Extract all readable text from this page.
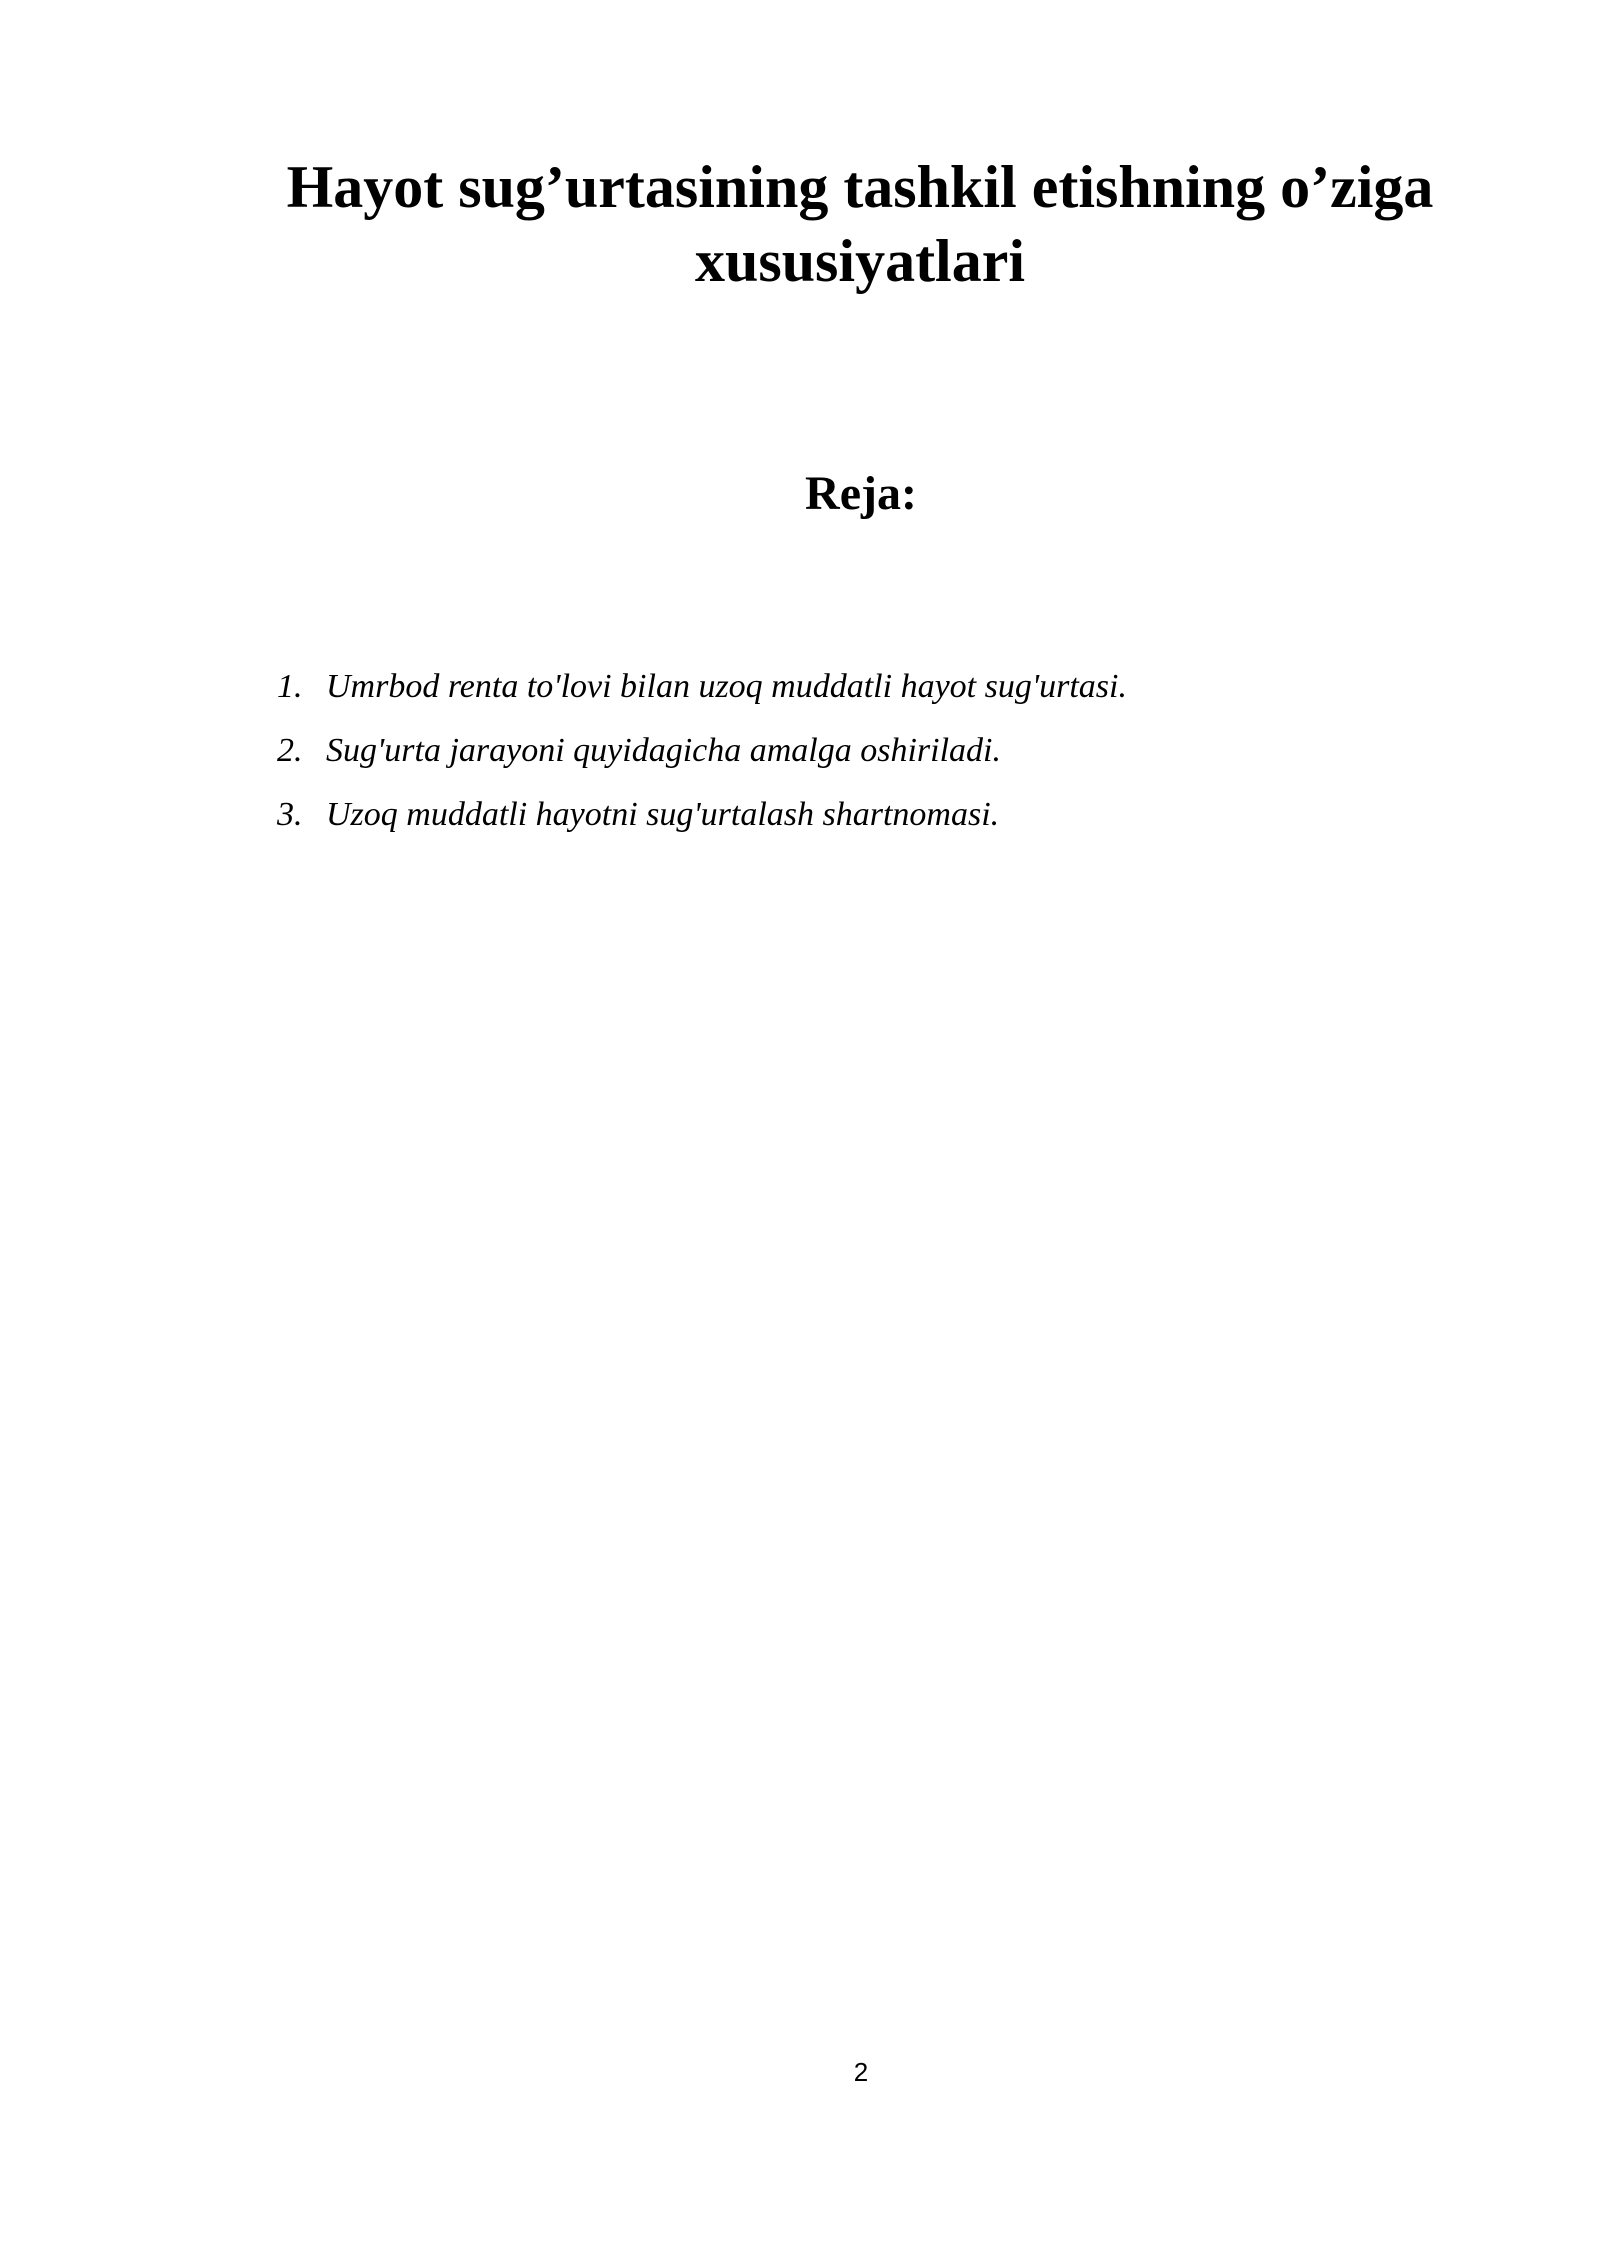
Hayot sug’urtasining tashkil etishning o’ziga xususiyatlari
Reja:
1. Umrbod renta to'lovi bilan uzoq muddatli hayot sug'urtasi.
2. Sug'urta jarayoni quyidagicha amalga oshiriladi.
3. Uzoq muddatli hayotni sug'urtalash shartnomasi.
2
